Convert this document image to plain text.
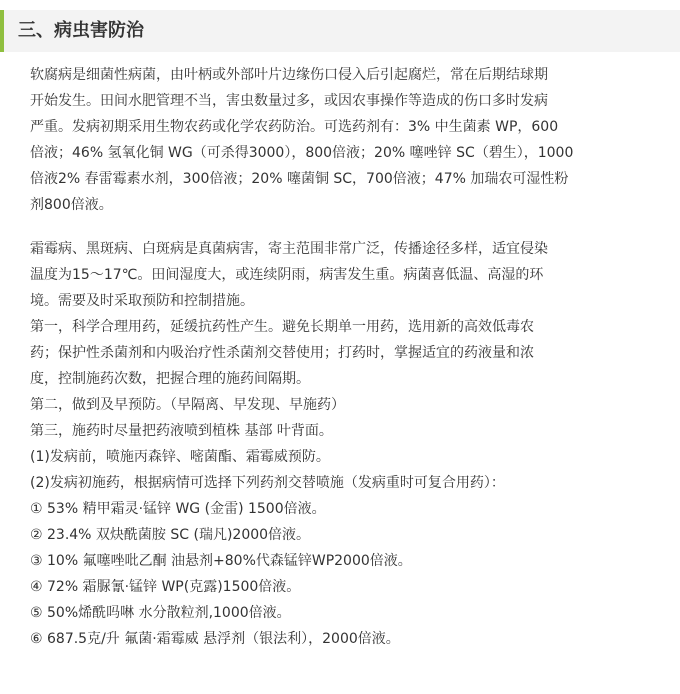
三、病虫害防治

软腐病是细菌性病菌，由叶柄或外部叶片边缘伤口侵入后引起腐烂，常在后期结球期

开始发生。田间水肥管理不当，害虫数量过多，或因农事操作等造成的伤口多时发病

严重。发病初期采用生物农药或化学农药防治。可选药剂有：3% 中生菌素 WP，600

倍液；46% 氢氧化铜 WG（可杀得3000），800倍液；20% 噻唑锌 SC（碧生），1000

倍液2% 春雷霉素水剂，300倍液；20% 噻菌铜 SC，700倍液；47% 加瑞农可湿性粉

剂800倍液。

霜霉病、黑斑病、白斑病是真菌病害，寄主范围非常广泛，传播途径多样，适宜侵染

温度为15～17℃。田间湿度大，或连续阴雨，病害发生重。病菌喜低温、高湿的环

境。需要及时采取预防和控制措施。

第一，科学合理用药，延缓抗药性产生。避免长期单一用药，选用新的高效低毒农

药；保护性杀菌剂和内吸治疗性杀菌剂交替使用；打药时，掌握适宜的药液量和浓

度，控制施药次数，把握合理的施药间隔期。

第二，做到及早预防。（早隔离、早发现、早施药）

第三，施药时尽量把药液喷到植株 基部 叶背面。

(1)发病前，喷施丙森锌、嘧菌酯、霜霉威预防。

(2)发病初施药，根据病情可选择下列药剂交替喷施（发病重时可复合用药）：

① 53% 精甲霜灵·锰锌 WG (金雷) 1500倍液。

② 23.4% 双炔酰菌胺 SC (瑞凡)2000倍液。

③ 10% 氟噻唑吡乙酮 油悬剂+80%代森锰锌WP2000倍液。

④ 72% 霜脲氰·锰锌 WP(克露)1500倍液。

⑤ 50%烯酰吗啉 水分散粒剂,1000倍液。

⑥ 687.5克/升 氟菌·霜霉威 悬浮剂（银法利），2000倍液。
